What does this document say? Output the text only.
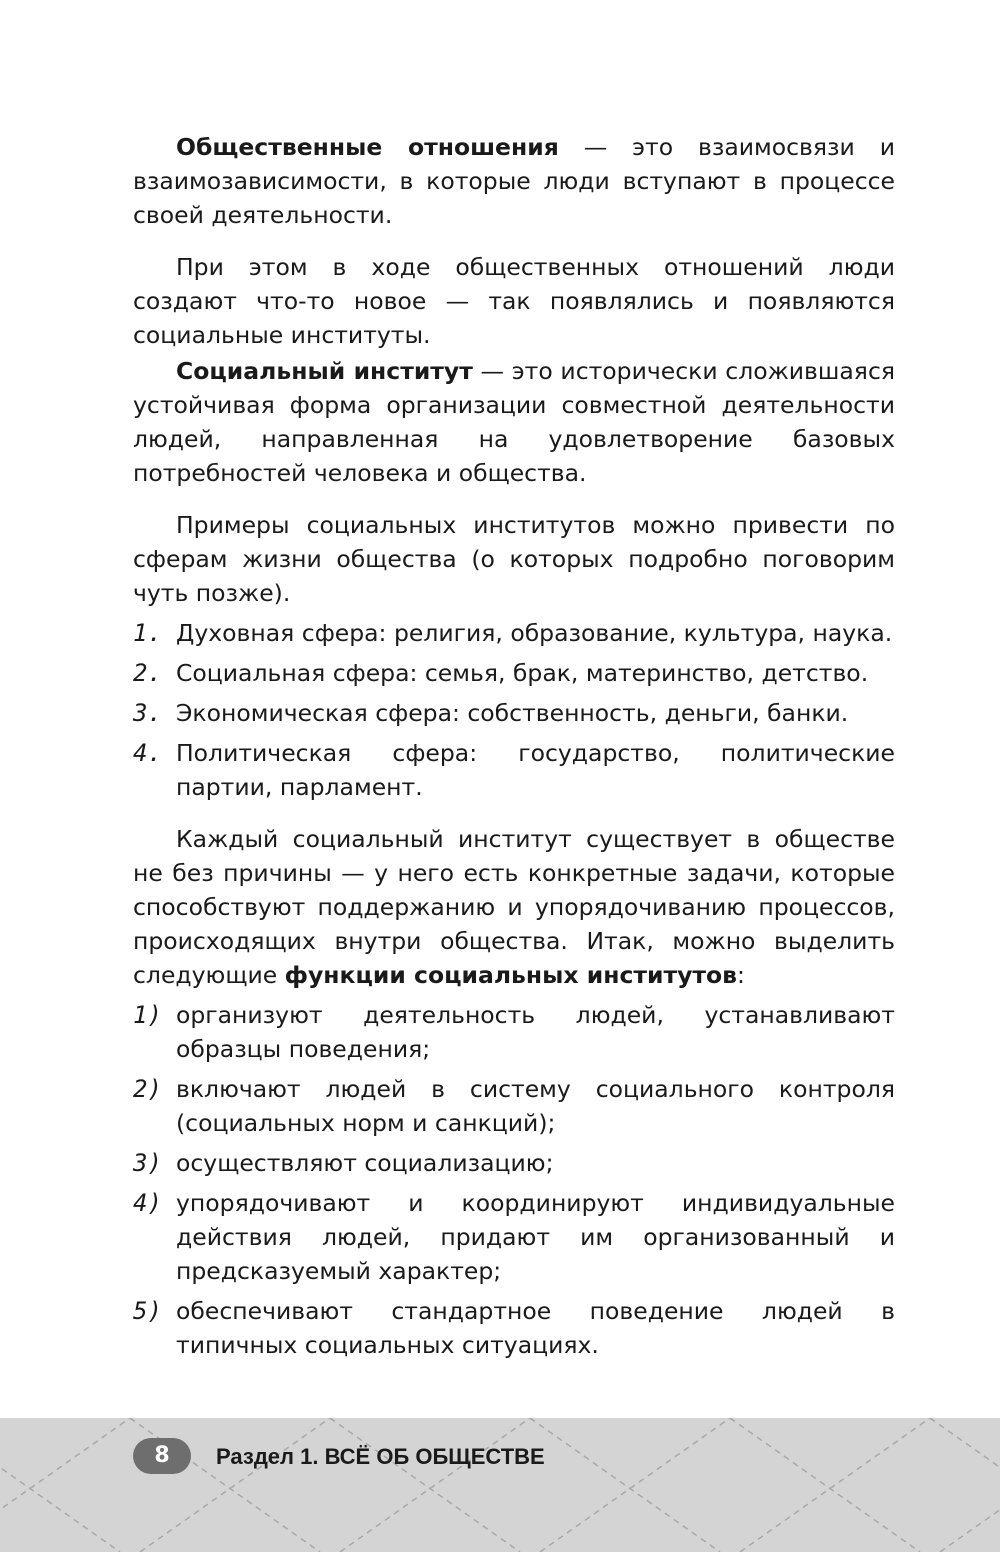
Общественные отношения — это взаимосвязи и взаимозависимости, в которые люди вступают в процессе своей деятельности.

При этом в ходе общественных отношений люди создают что-то новое — так появлялись и появляются социальные институты.

Социальный институт — это исторически сложившаяся устойчивая форма организации совместной деятельности людей, направленная на удовлетворение базовых потребностей человека и общества.

Примеры социальных институтов можно привести по сферам жизни общества (о которых подробно поговорим чуть позже).

1. Духовная сфера: религия, образование, культура, наука.
2. Социальная сфера: семья, брак, материнство, детство.
3. Экономическая сфера: собственность, деньги, банки.
4. Политическая сфера: государство, политические партии, парламент.

Каждый социальный институт существует в обществе не без причины — у него есть конкретные задачи, которые способствуют поддержанию и упорядочиванию процессов, происходящих внутри общества. Итак, можно выделить следующие функции социальных институтов:

1) организуют деятельность людей, устанавливают образцы поведения;
2) включают людей в систему социального контроля (социальных норм и санкций);
3) осуществляют социализацию;
4) упорядочивают и координируют индивидуальные действия людей, придают им организованный и предсказуемый характер;
5) обеспечивают стандартное поведение людей в типичных социальных ситуациях.
8	Раздел 1. ВСЁ ОБ ОБЩЕСТВЕ
